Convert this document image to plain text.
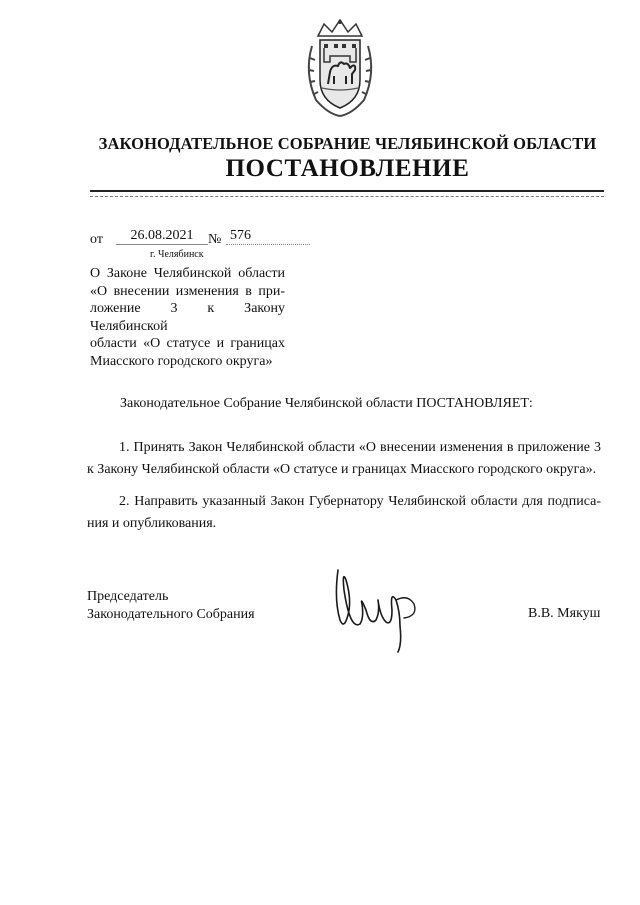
ЗАКОНОДАТЕЛЬНОЕ СОБРАНИЕ ЧЕЛЯБИНСКОЙ ОБЛАСТИ
ПОСТАНОВЛЕНИЕ
от	26.08.2021	№ 576
г. Челябинск
О Законе Челябинской области
«О внесении изменения в при-
ложение 3 к Закону Челябинской
области «О статусе и границах
Миасского городского округа»
Законодательное Собрание Челябинской области ПОСТАНОВЛЯЕТ:
1. Принять Закон Челябинской области «О внесении изменения в приложение 3
к Закону Челябинской области «О статусе и границах Миасского городского округа».
2. Направить указанный Закон Губернатору Челябинской области для подписа-
ния и опубликования.
Председатель
Законодательного Собрания	В.В. Мякуш
